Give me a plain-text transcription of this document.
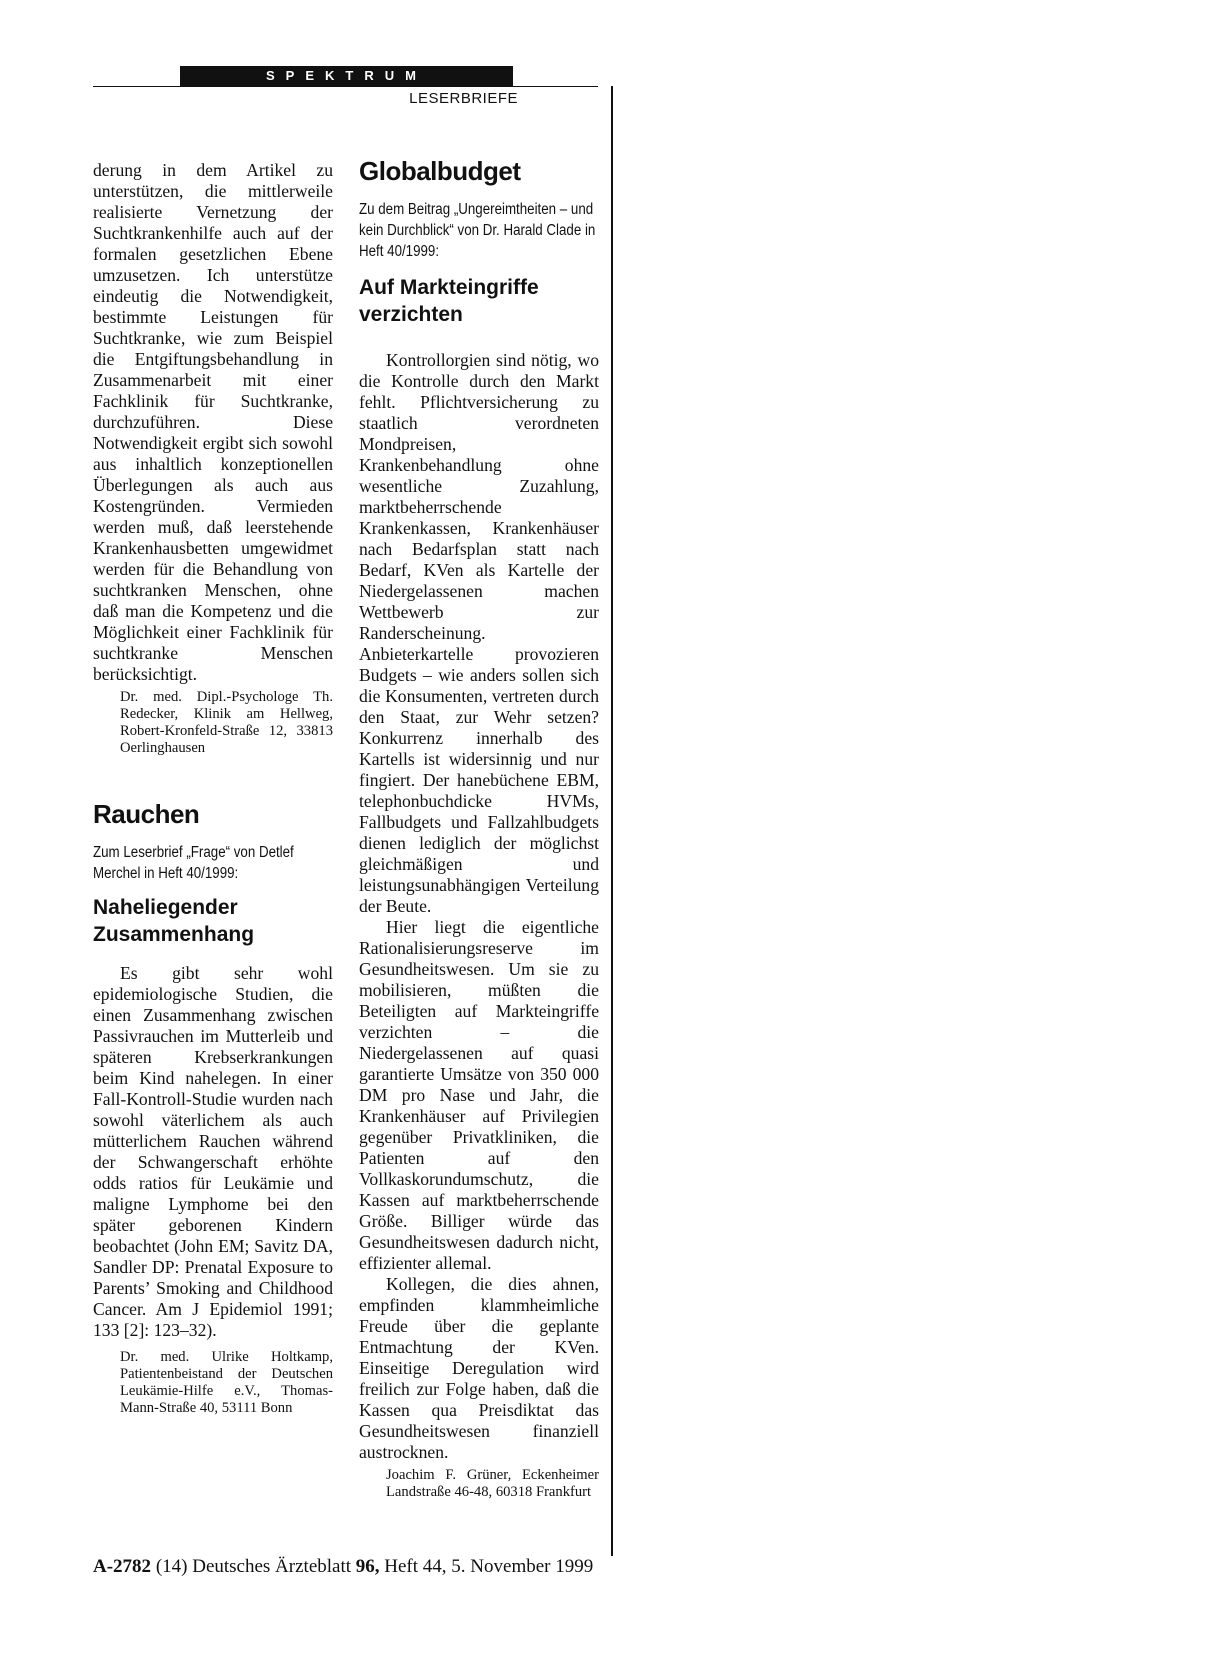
SPEKTRUM
LESERBRIEFE

derung in dem Artikel zu unterstützen, die mittlerweile realisierte Vernetzung der Suchtkrankenhilfe auch auf der formalen gesetzlichen Ebene umzusetzen. Ich unterstütze eindeutig die Notwendigkeit, bestimmte Leistungen für Suchtkranke, wie zum Beispiel die Entgiftungsbehandlung in Zusammenarbeit mit einer Fachklinik für Suchtkranke, durchzuführen. Diese Notwendigkeit ergibt sich sowohl aus inhaltlich konzeptionellen Überlegungen als auch aus Kostengründen. Vermieden werden muß, daß leerstehende Krankenhausbetten umgewidmet werden für die Behandlung von suchtkranken Menschen, ohne daß man die Kompetenz und die Möglichkeit einer Fachklinik für suchtkranke Menschen berücksichtigt.

Dr. med. Dipl.-Psychologe Th. Redecker, Klinik am Hellweg, Robert-Kronfeld-Straße 12, 33813 Oerlinghausen

Rauchen

Zum Leserbrief „Frage“ von Detlef Merchel in Heft 40/1999:

Naheliegender Zusammenhang

Es gibt sehr wohl epidemiologische Studien, die einen Zusammenhang zwischen Passivrauchen im Mutterleib und späteren Krebserkrankungen beim Kind nahelegen. In einer Fall-Kontroll-Studie wurden nach sowohl väterlichem als auch mütterlichem Rauchen während der Schwangerschaft erhöhte odds ratios für Leukämie und maligne Lymphome bei den später geborenen Kindern beobachtet (John EM; Savitz DA, Sandler DP: Prenatal Exposure to Parents’ Smoking and Childhood Cancer. Am J Epidemiol 1991; 133 [2]: 123–32).

Dr. med. Ulrike Holtkamp, Patientenbeistand der Deutschen Leukämie-Hilfe e.V., Thomas-Mann-Straße 40, 53111 Bonn

Globalbudget

Zu dem Beitrag „Ungereimtheiten – und kein Durchblick“ von Dr. Harald Clade in Heft 40/1999:

Auf Markteingriffe verzichten

Kontrollorgien sind nötig, wo die Kontrolle durch den Markt fehlt. Pflichtversicherung zu staatlich verordneten Mondpreisen, Krankenbehandlung ohne wesentliche Zuzahlung, marktbeherrschende Krankenkassen, Krankenhäuser nach Bedarfsplan statt nach Bedarf, KVen als Kartelle der Niedergelassenen machen Wettbewerb zur Randerscheinung. Anbieterkartelle provozieren Budgets – wie anders sollen sich die Konsumenten, vertreten durch den Staat, zur Wehr setzen? Konkurrenz innerhalb des Kartells ist widersinnig und nur fingiert. Der hanebüchene EBM, telephonbuchdicke HVMs, Fallbudgets und Fallzahlbudgets dienen lediglich der möglichst gleichmäßigen und leistungsunabhängigen Verteilung der Beute.

Hier liegt die eigentliche Rationalisierungsreserve im Gesundheitswesen. Um sie zu mobilisieren, müßten die Beteiligten auf Markteingriffe verzichten – die Niedergelassenen auf quasi garantierte Umsätze von 350 000 DM pro Nase und Jahr, die Krankenhäuser auf Privilegien gegenüber Privatkliniken, die Patienten auf den Vollkaskorundumschutz, die Kassen auf marktbeherrschende Größe. Billiger würde das Gesundheitswesen dadurch nicht, effizienter allemal.

Kollegen, die dies ahnen, empfinden klammheimliche Freude über die geplante Entmachtung der KVen. Einseitige Deregulation wird freilich zur Folge haben, daß die Kassen qua Preisdiktat das Gesundheitswesen finanziell austrocknen.

Joachim F. Grüner, Eckenheimer Landstraße 46-48, 60318 Frankfurt

A-2782 (14) Deutsches Ärzteblatt 96, Heft 44, 5. November 1999
